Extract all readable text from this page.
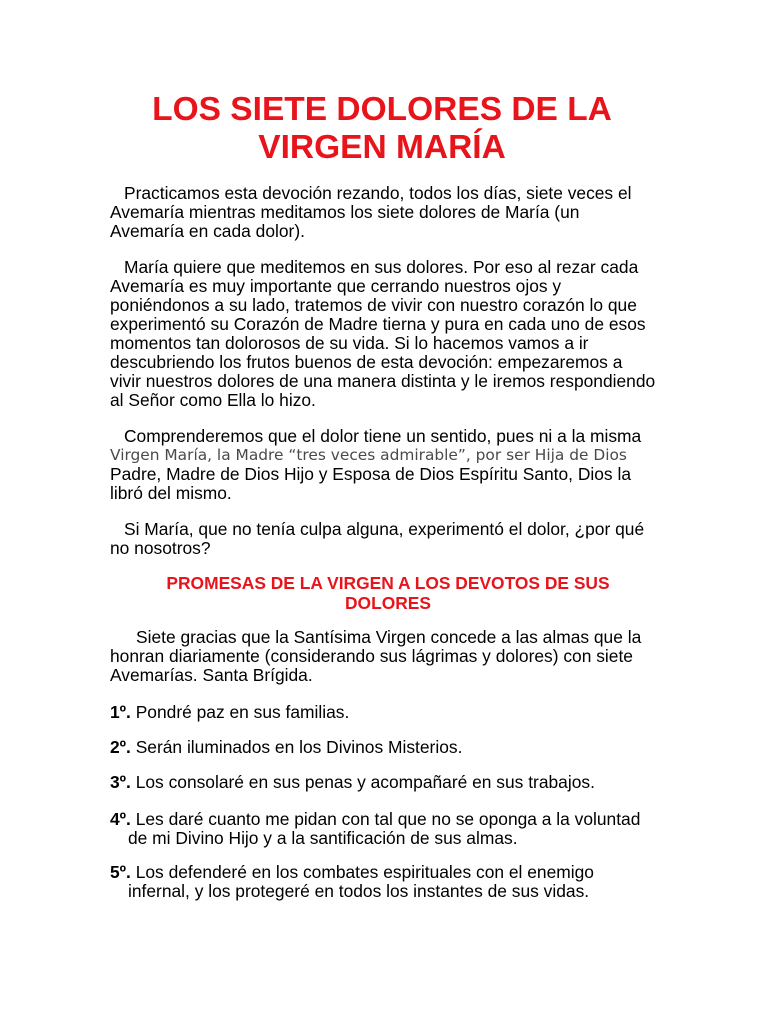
LOS SIETE DOLORES DE LA
VIRGEN MARÍA
Practicamos esta devoción rezando, todos los días, siete veces el
Avemaría mientras meditamos los siete dolores de María (un
Avemaría en cada dolor).
María quiere que meditemos en sus dolores. Por eso al rezar cada
Avemaría es muy importante que cerrando nuestros ojos y
poniéndonos a su lado, tratemos de vivir con nuestro corazón lo que
experimentó su Corazón de Madre tierna y pura en cada uno de esos
momentos tan dolorosos de su vida. Si lo hacemos vamos a ir
descubriendo los frutos buenos de esta devoción: empezaremos a
vivir nuestros dolores de una manera distinta y le iremos respondiendo
al Señor como Ella lo hizo.
Comprenderemos que el dolor tiene un sentido, pues ni a la misma
Virgen María, la Madre “tres veces admirable”, por ser Hija de Dios
Padre, Madre de Dios Hijo y Esposa de Dios Espíritu Santo, Dios la
libró del mismo.
Si María, que no tenía culpa alguna, experimentó el dolor, ¿por qué
no nosotros?
PROMESAS DE LA VIRGEN A LOS DEVOTOS DE SUS
DOLORES
Siete gracias que la Santísima Virgen concede a las almas que la
honran diariamente (considerando sus lágrimas y dolores) con siete
Avemarías. Santa Brígida.
1º. Pondré paz en sus familias.
2º. Serán iluminados en los Divinos Misterios.
3º. Los consolaré en sus penas y acompañaré en sus trabajos.
4º. Les daré cuanto me pidan con tal que no se oponga a la voluntad
de mi Divino Hijo y a la santificación de sus almas.
5º. Los defenderé en los combates espirituales con el enemigo
infernal, y los protegeré en todos los instantes de sus vidas.
